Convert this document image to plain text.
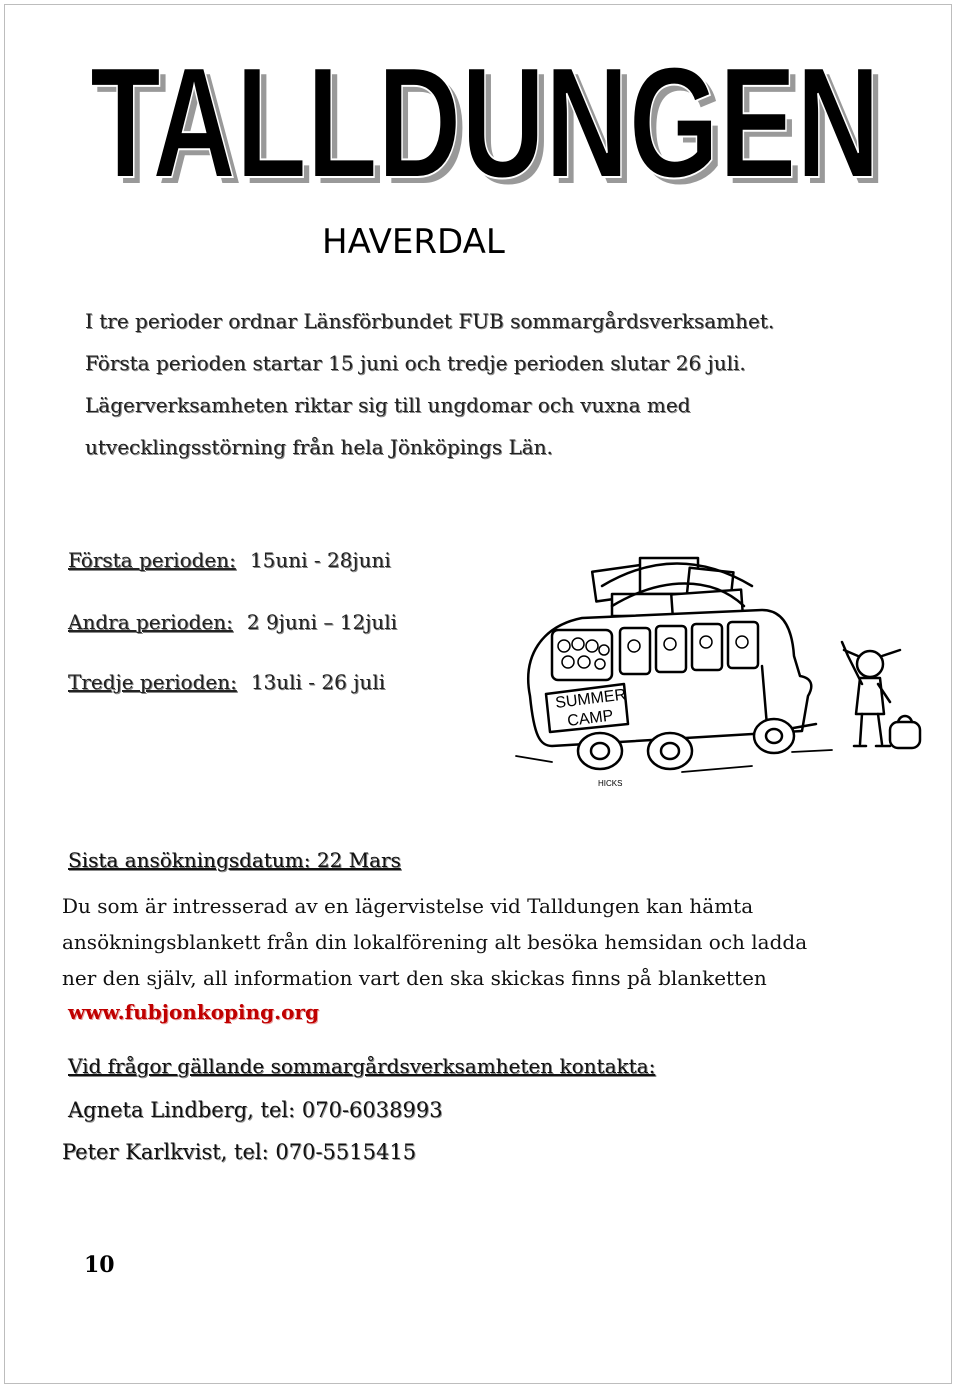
TALLDUNGEN
TALLDUNGEN
HAVERDAL
I tre perioder ordnar Länsförbundet FUB sommargårdsverksamhet.
Första perioden startar 15 juni och tredje perioden slutar 26 juli.
Lägerverksamheten riktar sig till ungdomar och vuxna med
utvecklingsstörning från hela Jönköpings Län.
Första perioden: 15uni - 28juni
Andra perioden: 2 9juni – 12juli
Tredje perioden: 13uli - 26 juli
SUMMER
CAMP
HICKS
Sista ansökningsdatum: 22 Mars
Du som är intresserad av en lägervistelse vid Talldungen kan hämta
ansökningsblankett från din lokalförening alt besöka hemsidan och ladda
ner den själv, all information vart den ska skickas finns på blanketten
www.fubjonkoping.org
Vid frågor gällande sommargårdsverksamheten kontakta:
Agneta Lindberg, tel: 070-6038993
Peter Karlkvist, tel: 070-5515415
10
